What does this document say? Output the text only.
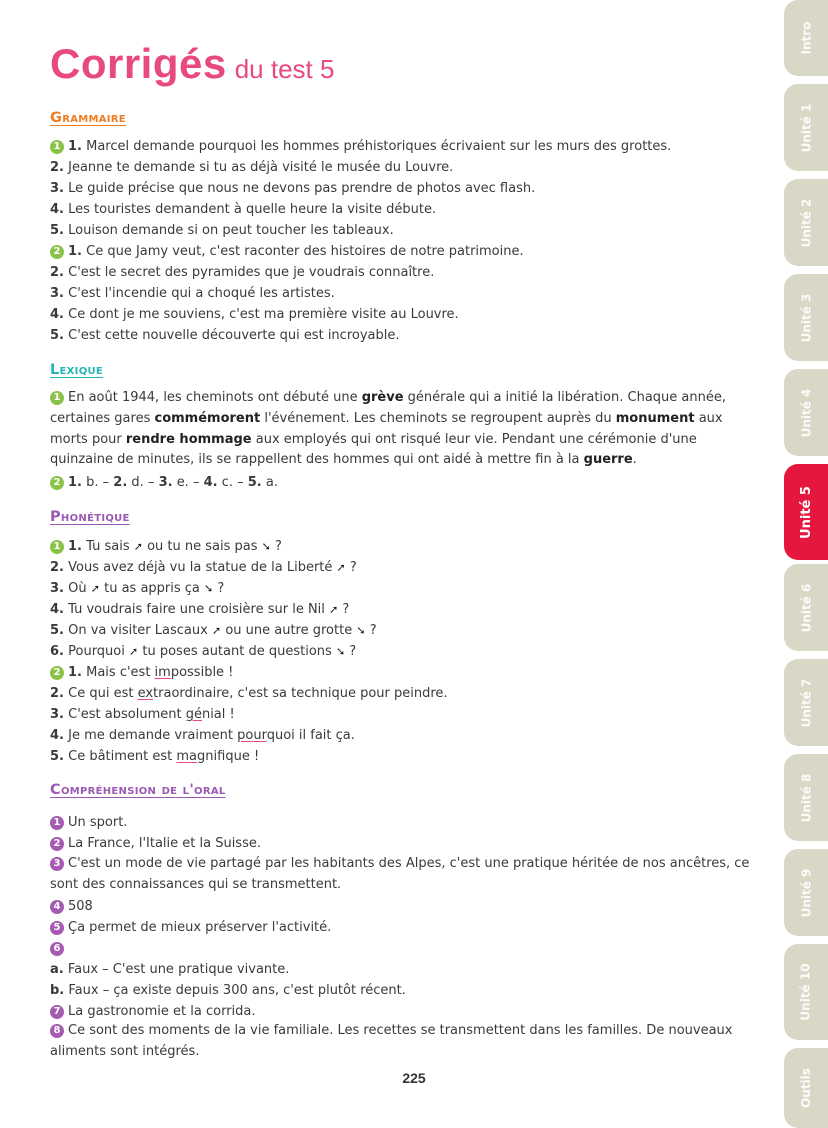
Corrigés du test 5
Grammaire
1 1. Marcel demande pourquoi les hommes préhistoriques écrivaient sur les murs des grottes.
2. Jeanne te demande si tu as déjà visité le musée du Louvre.
3. Le guide précise que nous ne devons pas prendre de photos avec flash.
4. Les touristes demandent à quelle heure la visite débute.
5. Louison demande si on peut toucher les tableaux.
2 1. Ce que Jamy veut, c'est raconter des histoires de notre patrimoine.
2. C'est le secret des pyramides que je voudrais connaître.
3. C'est l'incendie qui a choqué les artistes.
4. Ce dont je me souviens, c'est ma première visite au Louvre.
5. C'est cette nouvelle découverte qui est incroyable.
Lexique
1 En août 1944, les cheminots ont débuté une grève générale qui a initié la libération. Chaque année, certaines gares commémorent l'événement. Les cheminots se regroupent auprès du monument aux morts pour rendre hommage aux employés qui ont risqué leur vie. Pendant une cérémonie d'une quinzaine de minutes, ils se rappellent des hommes qui ont aidé à mettre fin à la guerre.
2 1. b. – 2. d. – 3. e. – 4. c. – 5. a.
Phonétique
1 1. Tu sais ➚ ou tu ne sais pas ➘ ?
2. Vous avez déjà vu la statue de la Liberté ➚ ?
3. Où ➚ tu as appris ça ➘ ?
4. Tu voudrais faire une croisière sur le Nil ➚ ?
5. On va visiter Lascaux ➚ ou une autre grotte ➘ ?
6. Pourquoi ➚ tu poses autant de questions ➘ ?
2 1. Mais c'est impossible !
2. Ce qui est extraordinaire, c'est sa technique pour peindre.
3. C'est absolument génial !
4. Je me demande vraiment pourquoi il fait ça.
5. Ce bâtiment est magnifique !
Compréhension de l'oral
1 Un sport.
2 La France, l'Italie et la Suisse.
3 C'est un mode de vie partagé par les habitants des Alpes, c'est une pratique héritée de nos ancêtres, ce sont des connaissances qui se transmettent.
4 508
5 Ça permet de mieux préserver l'activité.
6
a. Faux – C'est une pratique vivante.
b. Faux – ça existe depuis 300 ans, c'est plutôt récent.
7 La gastronomie et la corrida.
8 Ce sont des moments de la vie familiale. Les recettes se transmettent dans les familles. De nouveaux aliments sont intégrés.
225
Intro
Unité 1
Unité 2
Unité 3
Unité 4
Unité 5
Unité 6
Unité 7
Unité 8
Unité 9
Unité 10
Outils
